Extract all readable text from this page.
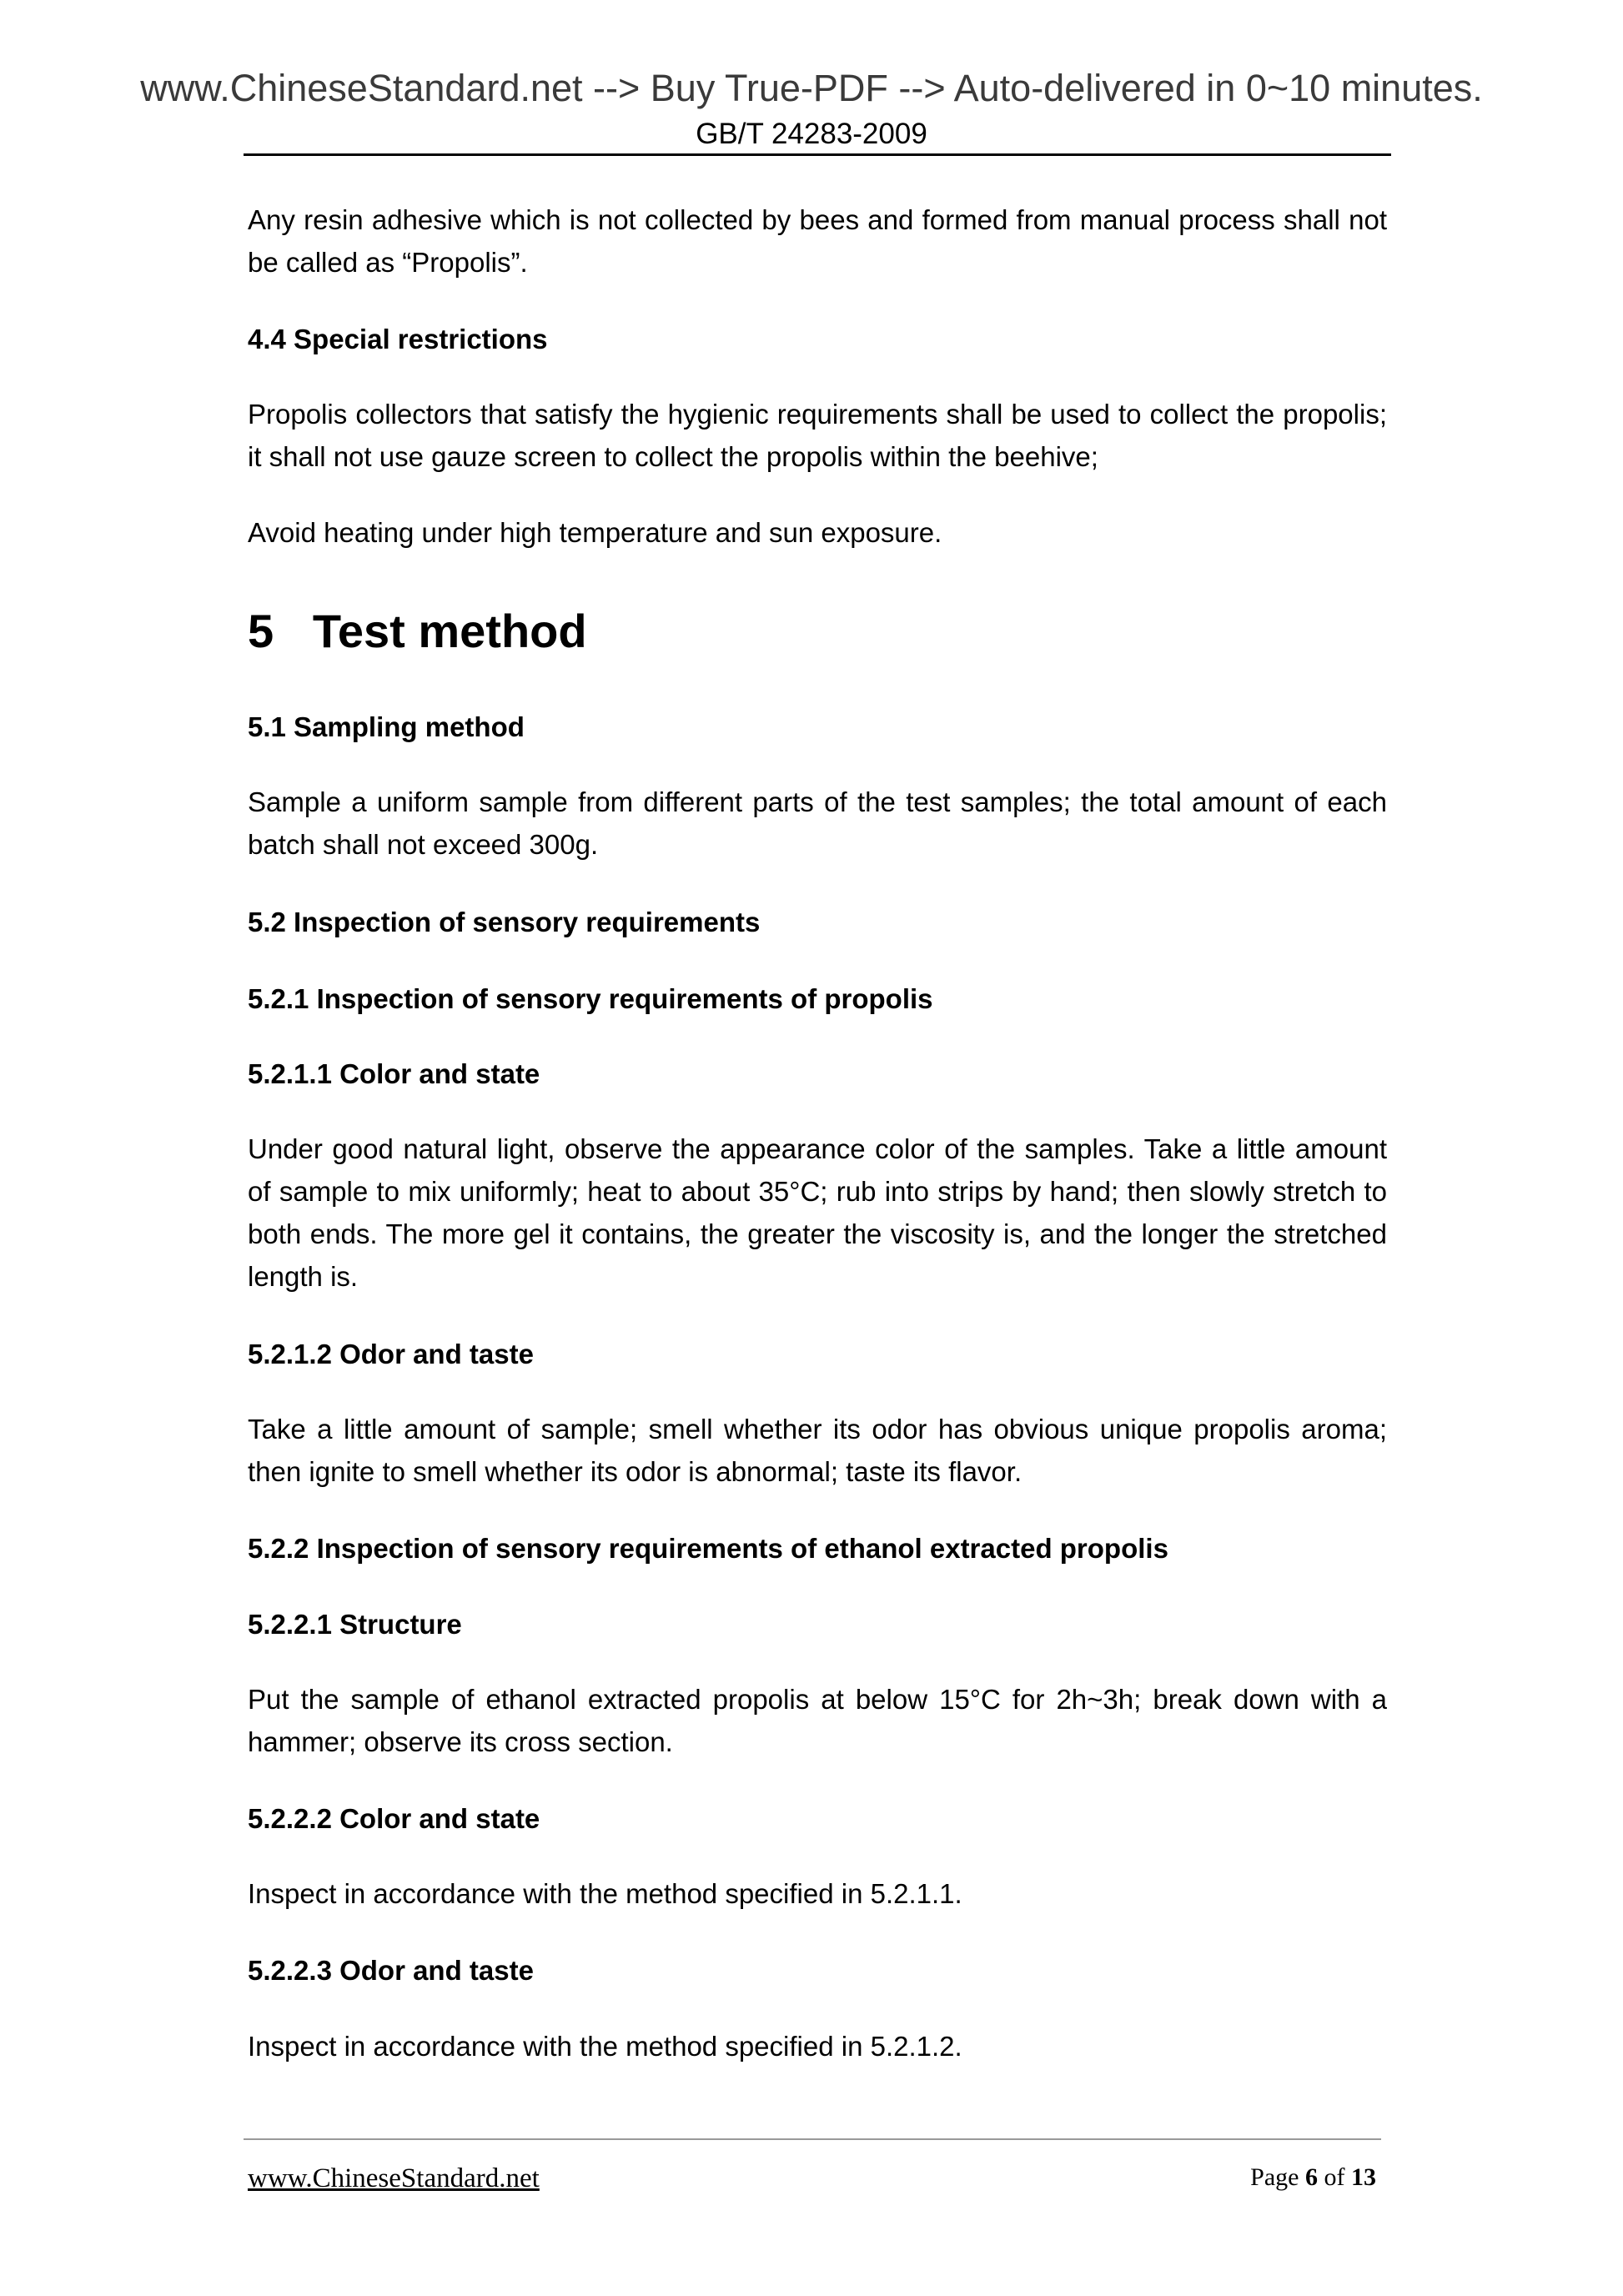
www.ChineseStandard.net --> Buy True-PDF --> Auto-delivered in 0~10 minutes.
GB/T 24283-2009
Any resin adhesive which is not collected by bees and formed from manual process shall not be called as “Propolis”.
4.4 Special restrictions
Propolis collectors that satisfy the hygienic requirements shall be used to collect the propolis; it shall not use gauze screen to collect the propolis within the beehive;
Avoid heating under high temperature and sun exposure.
5   Test method
5.1 Sampling method
Sample a uniform sample from different parts of the test samples; the total amount of each batch shall not exceed 300g.
5.2 Inspection of sensory requirements
5.2.1 Inspection of sensory requirements of propolis
5.2.1.1 Color and state
Under good natural light, observe the appearance color of the samples. Take a little amount of sample to mix uniformly; heat to about 35°C; rub into strips by hand; then slowly stretch to both ends. The more gel it contains, the greater the viscosity is, and the longer the stretched length is.
5.2.1.2 Odor and taste
Take a little amount of sample; smell whether its odor has obvious unique propolis aroma; then ignite to smell whether its odor is abnormal; taste its flavor.
5.2.2 Inspection of sensory requirements of ethanol extracted propolis
5.2.2.1 Structure
Put the sample of ethanol extracted propolis at below 15°C for 2h~3h; break down with a hammer; observe its cross section.
5.2.2.2 Color and state
Inspect in accordance with the method specified in 5.2.1.1.
5.2.2.3 Odor and taste
Inspect in accordance with the method specified in 5.2.1.2.
www.ChineseStandard.net	Page 6 of 13
